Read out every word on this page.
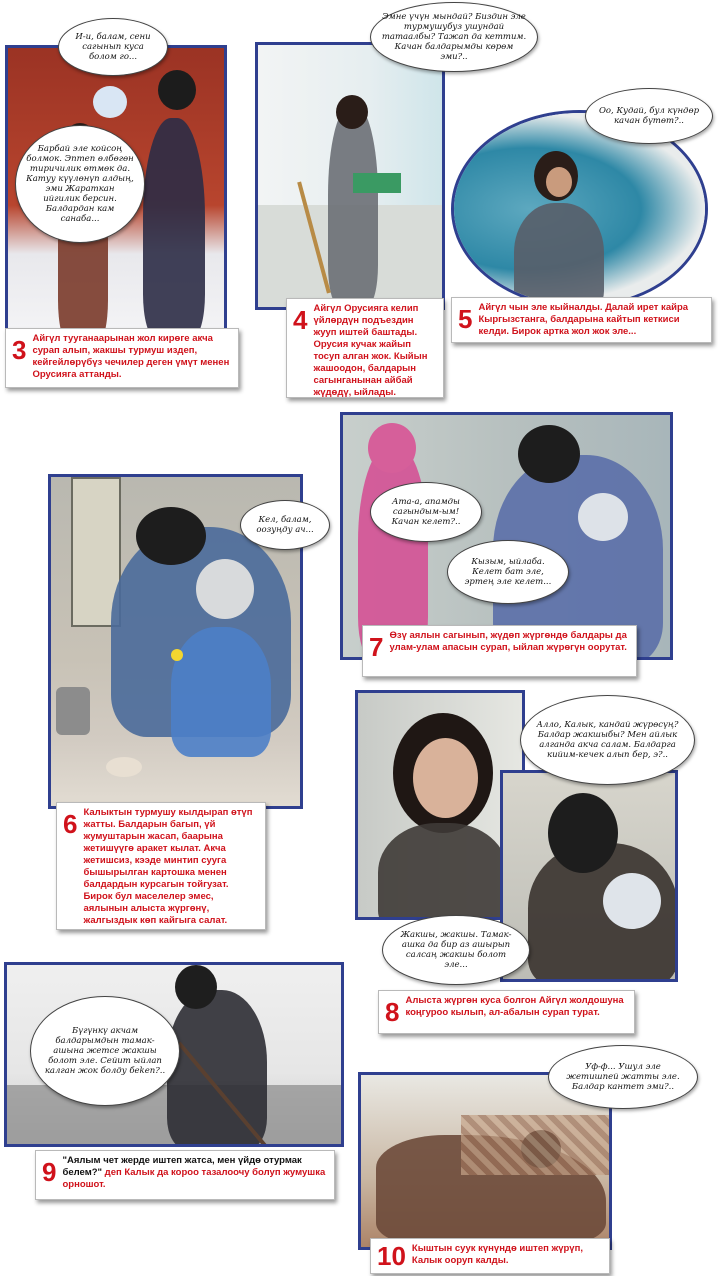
И-и, балам, сени сагынып куса болом го...
Барбай эле койсоң болмок. Эптеп өлбөгөн тиричилик өтмөк да. Катуу күүлөнүп алдың, эми Жараткан ийгилик берсин. Балдардан кам санаба...
3 Айгүл тууганаарынан жол кирөге акча сурап алып, жакшы турмуш издеп, кейгейлөрүбүз чечилер деген үмүт менен Орусияга аттанды.
Эмне үчүн мындай? Биздин эле турмушубуз ушундай татаалбы? Тажап да кеттим. Качан балдарымды көрөм эми?..
4 Айгүл Орусияга келип үйлөрдүн подъездин жууп иштей баштады. Орусия кучак жайып тосуп алган жок. Кыйын жашоодон, балдарын сагынганынан айбай жүдөдү, ыйлады.
Оо, Кудай, бул күндөр качан бүтөт?..
5 Айгүл чын эле кыйналды. Далай ирет кайра Кыргызстанга, балдарына кайтып кеткиси келди. Бирок артка жол жок эле...
Кел, балам, оозуңду ач...
6 Калыктын турмушу кылдырап өтүп жатты. Балдарын багып, үй жумуштарын жасап, баарына жетишүүгө аракет кылат. Акча жетишсиз, кээде минтип сууга бышырылган картошка менен балдардын курсагын тойгузат. Бирок бул маселелер эмес, аялынын алыста жүргөнү, жалгыздык көп кайгыга салат.
Ата-а, апамды сагындым-ым! Качан келет?..
Кызым, ыйлаба. Келет бат эле, эртең эле келет...
7 Өзү аялын сагынып, жүдөп жүргөндө балдары да улам-улам апасын сурап, ыйлап жүрөгүн оорутат.
Алло, Калык, кандай жүрөсүң? Балдар жакшыбы? Мен айлык алганда акча салам. Балдарга кийим-кечек алып бер, э?..
Жакшы, жакшы. Тамак-ашка да бир аз ашырып салсаң жакшы болот эле...
8 Алыста жүргөн куса болгон Айгүл жолдошуна коңгуроо кылып, ал-абалын сурап турат.
Бүгүнкү акчам балдарымдын тамак-ашына жетсе жакшы болот эле. Сейит ыйлап калган жок болду беken?..
9 "Аялым чет жерде иштеп жатса, мен үйдө отурмак белем?" деп Калык да короо тазалоочу болуп жумушка орношот.
Уф-ф... Ушул эле жетишпей жатты эле. Балдар кантет эми?..
10 Кыштын суук күнүндө иштеп жүрүп, Калык ооруп калды.
